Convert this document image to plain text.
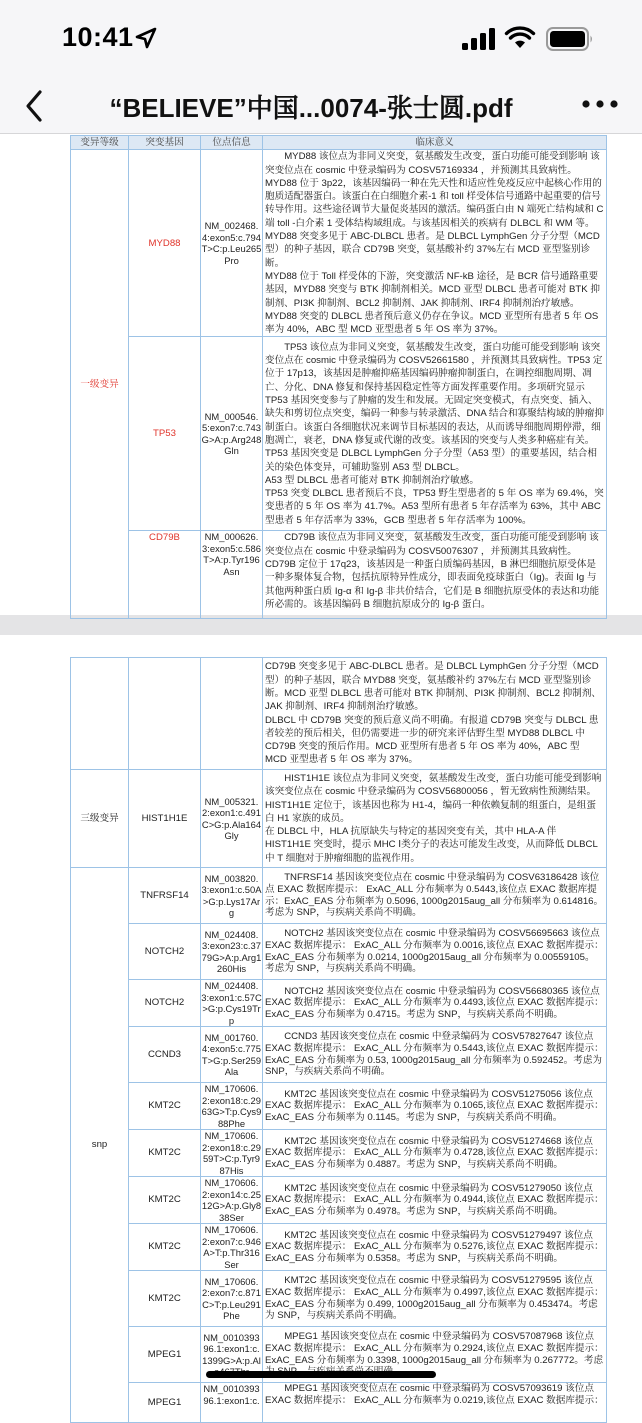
10:41
“BELIEVE”中国...0074-张士圆.pdf
变异等级	突变基因	位点信息	临床意义
一级变异	MYD88	NM_002468.4:exon5:c.794T>C:p.Leu265Pro	MYD88 该位点为非同义突变，氨基酸发生改变，蛋白功能可能受到影响 该突变位点在 cosmic 中登录编码为 COSV57169334 ，并预测其具致病性。
MYD88 位于 3p22，该基因编码一种在先天性和适应性免疫反应中起核心作用的胞质适配器蛋白。该蛋白在白细胞介素-1 和 toll 样受体信号通路中起重要的信号转导作用。这些途径调节大量促炎基因的激活。编码蛋白由 N 端死亡结构域和 C 端 toll -白介素 1 受体结构域组成。与该基因相关的疾病有 DLBCL 和 WM 等。
MYD88 突变多见于 ABC-DLBCL 患者。是 DLBCL LymphGen 分子分型（MCD 型）的种子基因，联合 CD79B 突变，氨基酸补约 37%左右 MCD 亚型鉴别诊断。
MYD88 位于 Toll 样受体的下游，突变激活 NF-kB 途径，是 BCR 信号通路重要基因，MYD88 突变与 BTK 抑制剂相关。MCD 亚型 DLBCL 患者可能对 BTK 抑制剂、PI3K 抑制剂、BCL2 抑制剂、JAK 抑制剂、IRF4 抑制剂治疗敏感。
MYD88 突变的 DLBCL 患者预后意义仍存在争议。MCD 亚型所有患者 5 年 OS 率为 40%，ABC 型 MCD 亚型患者 5 年 OS 率为 37%。

	TP53	NM_000546.5:exon7:c.743G>A:p.Arg248Gln	TP53 该位点为非同义突变，氨基酸发生改变，蛋白功能可能受到影响 该突变位点在 cosmic 中登录编码为 COSV52661580 ，并预测其具致病性。TP53 定位于 17p13，该基因是肿瘤抑癌基因编码肿瘤抑制蛋白，在调控细胞周期、凋亡、分化、DNA 修复和保持基因稳定性等方面发挥重要作用。多项研究显示 TP53 基因突变参与了肿瘤的发生和发展。无固定突变模式，有点突变、插入、缺失和剪切位点突变，编码一种参与转录激活、DNA 结合和寡聚结构域的肿瘤抑制蛋白。该蛋白各细胞状况来调节目标基因的表达，从而诱导细胞周期停滞，细胞凋亡，衰老，DNA 修复或代谢的改变。该基因的突变与人类多种癌症有关。
TP53 基因突变是 DLBCL LymphGen 分子分型（A53 型）的重要基因，结合相关的染色体变异，可辅助鉴别 A53 型 DLBCL。
A53 型 DLBCL 患者可能对 BTK 抑制剂治疗敏感。
TP53 突变 DLBCL 患者预后不良，TP53 野生型患者的 5 年 OS 率为 69.4%，突变患者的 5 年 OS 率为 41.7%。A53 型所有患者 5 年存活率为 63%，其中 ABC 型患者 5 年存活率为 33%，GCB 型患者 5 年存活率为 100%。

	CD79B	NM_000626.3:exon5:c.586T>A:p.Tyr196Asn	CD79B 该位点为非同义突变，氨基酸发生改变，蛋白功能可能受到影响 该突变位点在 cosmic 中登录编码为 COSV50076307 ，并预测其具致病性。CD79B 定位于 17q23，该基因是一种蛋白质编码基因，B 淋巴细胞抗原受体是一种多聚体复合物，包括抗原特异性成分，即表面免疫球蛋白（Ig)。表面 Ig 与其他两种蛋白质 Ig-α 和 Ig-β 非共价结合，它们是 B 细胞抗原受体的表达和功能所必需的。该基因编码 B 细胞抗原成分的 Ig-β 蛋白。

			CD79B 突变多见于 ABC-DLBCL 患者。是 DLBCL LymphGen 分子分型（MCD 型）的种子基因，联合 MYD88 突变，氨基酸补约 37%左右 MCD 亚型鉴别诊断。MCD 亚型 DLBCL 患者可能对 BTK 抑制剂、PI3K 抑制剂、BCL2 抑制剂、JAK 抑制剂、IRF4 抑制剂治疗敏感。
DLBCL 中 CD79B 突变的预后意义尚不明确。有报道 CD79B 突变与 DLBCL 患者较差的预后相关，但仍需要进一步的研究来评估野生型 MYD88 DLBCL 中 CD79B 突变的预后作用。MCD 亚型所有患者 5 年 OS 率为 40%，ABC 型 MCD 亚型患者 5 年 OS 率为 37%。

三级变异	HIST1H1E	NM_005321.2:exon1:c.491C>G:p.Ala164Gly	HIST1H1E 该位点为非同义突变，氨基酸发生改变，蛋白功能可能受到影响 该突变位点在 cosmic 中登录编码为 COSV56800056 ，暂无致病性预测结果。HIST1H1E 定位于，该基因也称为 H1-4，编码一种依赖复制的组蛋白，是组蛋白 H1 家族的成员。
在 DLBCL 中，HLA 抗原缺失与特定的基因突变有关，其中 HLA-A 伴 HIST1H1E 突变时，提示 MHC Ⅰ类分子的表达可能发生改变，从而降低 DLBCL 中 T 细胞对于肿瘤细胞的监视作用。

snp	TNFRSF14	NM_003820.3:exon1:c.50A>G:p.Lys17Arg	TNFRSF14 基因该突变位点在 cosmic 中登录编码为 COSV63186428 该位点 EXAC 数据库提示： ExAC_ALL 分布频率为 0.5443,该位点 EXAC 数据库提示：ExAC_EAS 分布频率为 0.5096, 1000g2015aug_all 分布频率为 0.614816。考虑为 SNP，与疾病关系尚不明确。

	NOTCH2	NM_024408.3:exon23:c.3779G>A:p.Arg1260His	NOTCH2 基因该突变位点在 cosmic 中登录编码为 COSV56695663 该位点 EXAC 数据库提示： ExAC_ALL 分布频率为 0.0016,该位点 EXAC 数据库提示：ExAC_EAS 分布频率为 0.0214, 1000g2015aug_all 分布频率为 0.00559105。考虑为 SNP，与疾病关系尚不明确。

	NOTCH2	NM_024408.3:exon1:c.57C>G:p.Cys19Trp	NOTCH2 基因该突变位点在 cosmic 中登录编码为 COSV56680365 该位点 EXAC 数据库提示： ExAC_ALL 分布频率为 0.4493,该位点 EXAC 数据库提示：ExAC_EAS 分布频率为 0.4715。考虑为 SNP，与疾病关系尚不明确。

	CCND3	NM_001760.4:exon5:c.775T>G:p.Ser259Ala	CCND3 基因该突变位点在 cosmic 中登录编码为 COSV57827647 该位点 EXAC 数据库提示： ExAC_ALL 分布频率为 0.5443,该位点 EXAC 数据库提示：ExAC_EAS 分布频率为 0.53, 1000g2015aug_all 分布频率为 0.592452。考虑为 SNP，与疾病关系尚不明确。

	KMT2C	NM_170606.2:exon18:c.2963G>T:p.Cys988Phe	KMT2C 基因该突变位点在 cosmic 中登录编码为 COSV51275056 该位点 EXAC 数据库提示： ExAC_ALL 分布频率为 0.1065,该位点 EXAC 数据库提示：ExAC_EAS 分布频率为 0.1145。考虑为 SNP，与疾病关系尚不明确。

	KMT2C	NM_170606.2:exon18:c.2959T>C:p.Tyr987His	KMT2C 基因该突变位点在 cosmic 中登录编码为 COSV51274668 该位点 EXAC 数据库提示： ExAC_ALL 分布频率为 0.4728,该位点 EXAC 数据库提示：ExAC_EAS 分布频率为 0.4887。考虑为 SNP，与疾病关系尚不明确。

	KMT2C	NM_170606.2:exon14:c.2512G>A:p.Gly838Ser	KMT2C 基因该突变位点在 cosmic 中登录编码为 COSV51279050 该位点 EXAC 数据库提示： ExAC_ALL 分布频率为 0.4944,该位点 EXAC 数据库提示：ExAC_EAS 分布频率为 0.4978。考虑为 SNP，与疾病关系尚不明确。

	KMT2C	NM_170606.2:exon7:c.946A>T:p.Thr316Ser	KMT2C 基因该突变位点在 cosmic 中登录编码为 COSV51279497 该位点 EXAC 数据库提示： ExAC_ALL 分布频率为 0.5276,该位点 EXAC 数据库提示：ExAC_EAS 分布频率为 0.5358。考虑为 SNP，与疾病关系尚不明确。

	KMT2C	NM_170606.2:exon7:c.871C>T:p.Leu291Phe	KMT2C 基因该突变位点在 cosmic 中登录编码为 COSV51279595 该位点 EXAC 数据库提示： ExAC_ALL 分布频率为 0.4997,该位点 EXAC 数据库提示：ExAC_EAS 分布频率为 0.499, 1000g2015aug_all 分布频率为 0.453474。考虑为 SNP，与疾病关系尚不明确。

	MPEG1	NM_001039396.1:exon1:c.1399G>A:p.Al	MPEG1 基因该突变位点在 cosmic 中登录编码为 COSV57087968 该位点 EXAC 数据库提示： ExAC_ALL 分布频率为 0.2924,该位点 EXAC 数据库提示：ExAC_EAS 分布频率为 0.3398, 1000g2015aug_all 分布频率为 0.267772。考虑

	MPEG1	NM_001039396.1:exon1:c.	MPEG1 基因该突变位点在 cosmic 中登录编码为 COSV57093619 该位点 EXAC 数据库提示： ExAC_ALL 分布频率为 0.0219,该位点 EXAC 数据库提示：
